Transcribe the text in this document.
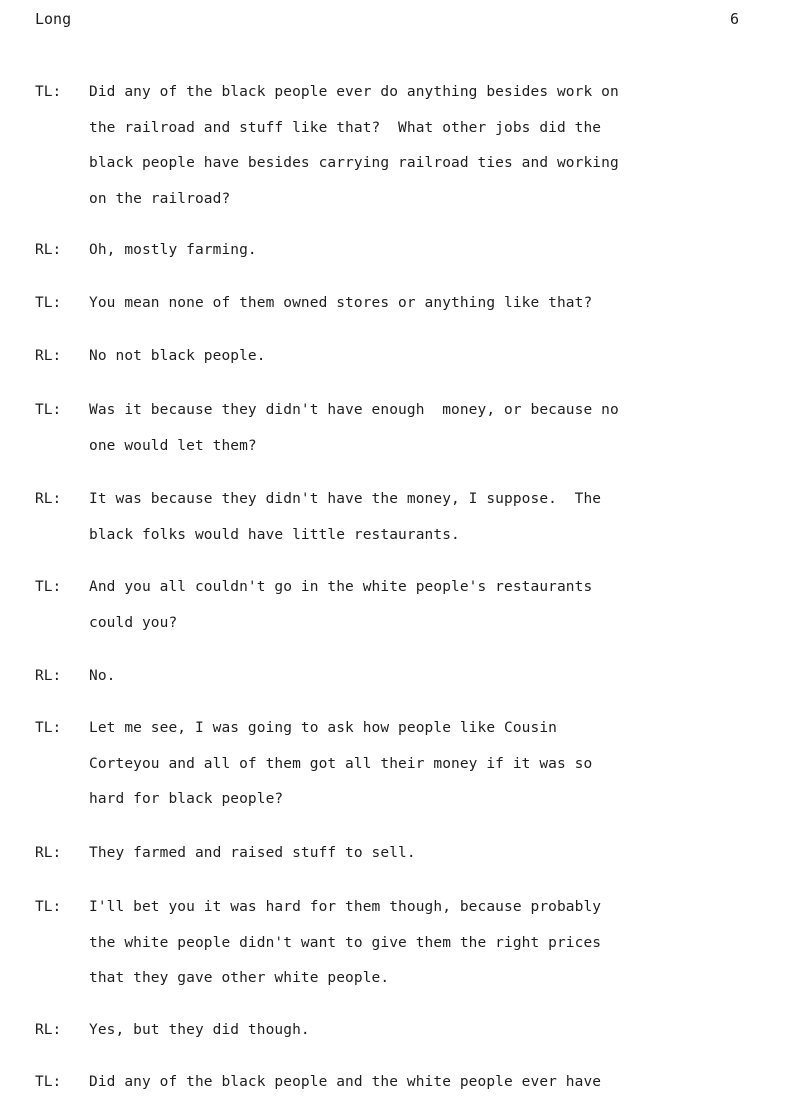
Long	6
TL: Did any of the black people ever do anything besides work on
the railroad and stuff like that?  What other jobs did the
black people have besides carrying railroad ties and working
on the railroad?
RL: Oh, mostly farming.
TL: You mean none of them owned stores or anything like that?
RL: No not black people.
TL: Was it because they didn't have enough  money, or because no
one would let them?
RL: It was because they didn't have the money, I suppose.  The
black folks would have little restaurants.
TL: And you all couldn't go in the white people's restaurants
could you?
RL: No.
TL: Let me see, I was going to ask how people like Cousin
Corteyou and all of them got all their money if it was so
hard for black people?
RL: They farmed and raised stuff to sell.
TL: I'll bet you it was hard for them though, because probably
the white people didn't want to give them the right prices
that they gave other white people.
RL: Yes, but they did though.
TL: Did any of the black people and the white people ever have
